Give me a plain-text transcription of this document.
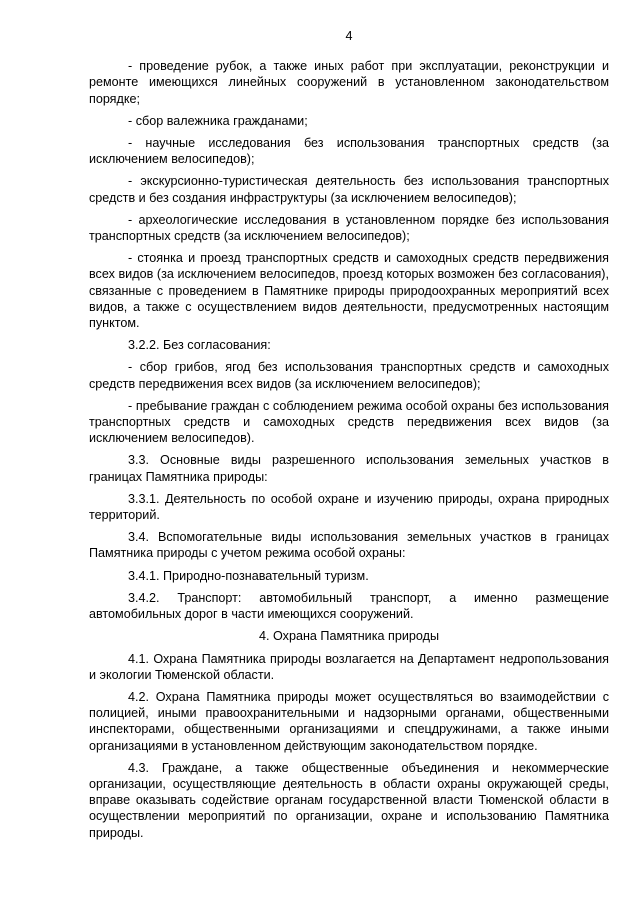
4

- проведение рубок, а также иных работ при эксплуатации, реконструкции и ремонте имеющихся линейных сооружений в установленном законодательством порядке;

- сбор валежника гражданами;

- научные исследования без использования транспортных средств (за исключением велосипедов);

- экскурсионно-туристическая деятельность без использования транспортных средств и без создания инфраструктуры (за исключением велосипедов);

- археологические исследования в установленном порядке без использования транспортных средств (за исключением велосипедов);

- стоянка и проезд транспортных средств и самоходных средств передвижения всех видов (за исключением велосипедов, проезд которых возможен без согласования), связанные с проведением в Памятнике природы природоохранных мероприятий всех видов, а также с осуществлением видов деятельности, предусмотренных настоящим пунктом.

3.2.2. Без согласования:

- сбор грибов, ягод без использования транспортных средств и самоходных средств передвижения всех видов (за исключением велосипедов);

- пребывание граждан с соблюдением режима особой охраны без использования транспортных средств и самоходных средств передвижения всех видов (за исключением велосипедов).

3.3. Основные виды разрешенного использования земельных участков в границах Памятника природы:

3.3.1. Деятельность по особой охране и изучению природы, охрана природных территорий.

3.4. Вспомогательные виды использования земельных участков в границах Памятника природы с учетом режима особой охраны:

3.4.1. Природно-познавательный туризм.

3.4.2. Транспорт: автомобильный транспорт, а именно размещение автомобильных дорог в части имеющихся сооружений.

4. Охрана Памятника природы

4.1. Охрана Памятника природы возлагается на Департамент недропользования и экологии Тюменской области.

4.2. Охрана Памятника природы может осуществляться во взаимодействии с полицией, иными правоохранительными и надзорными органами, общественными инспекторами, общественными организациями и спецдружинами, а также иными организациями в установленном действующим законодательством порядке.

4.3. Граждане, а также общественные объединения и некоммерческие организации, осуществляющие деятельность в области охраны окружающей среды, вправе оказывать содействие органам государственной власти Тюменской области в осуществлении мероприятий по организации, охране и использованию Памятника природы.
